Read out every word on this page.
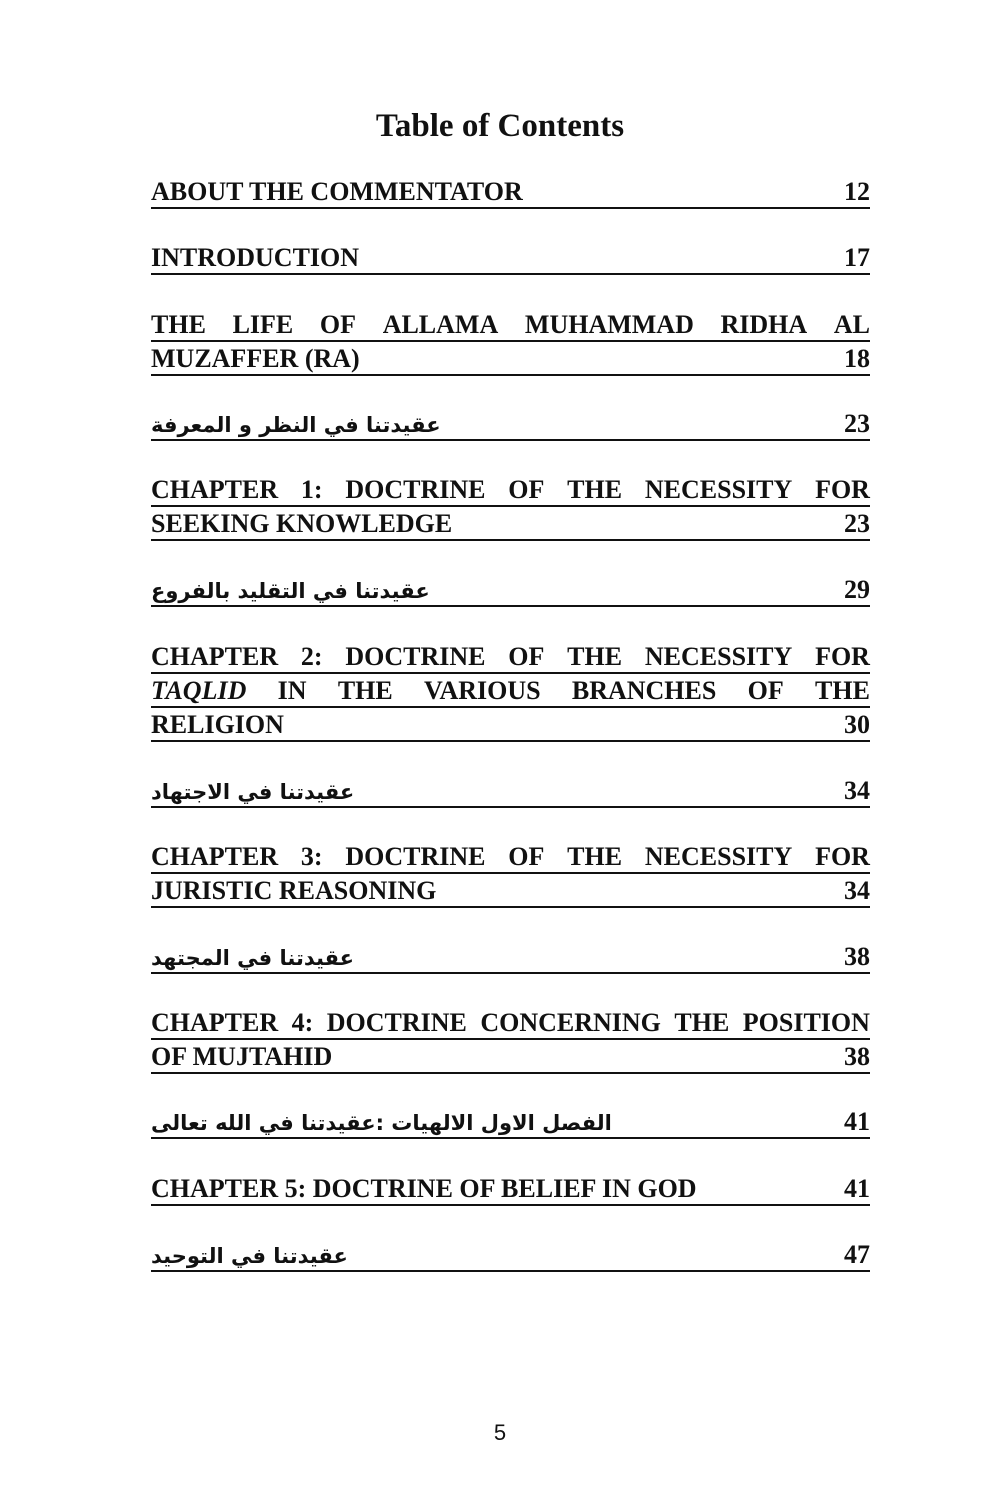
Table of Contents
ABOUT THE COMMENTATOR	12
INTRODUCTION	17
THE LIFE OF ALLAMA MUHAMMAD RIDHA AL
MUZAFFER (RA)	18
عقيدتنا في النظر و المعرفة	23
CHAPTER 1: DOCTRINE OF THE NECESSITY FOR
SEEKING KNOWLEDGE	23
عقيدتنا في التقليد بالفروع	29
CHAPTER 2: DOCTRINE OF THE NECESSITY FOR
TAQLID IN THE VARIOUS BRANCHES OF THE
RELIGION	30
عقيدتنا في الاجتهاد	34
CHAPTER 3: DOCTRINE OF THE NECESSITY FOR
JURISTIC REASONING	34
عقيدتنا في المجتهد	38
CHAPTER 4: DOCTRINE CONCERNING THE POSITION
OF MUJTAHID	38
الفصل الاول الالهيات :عقيدتنا في الله تعالى	41
CHAPTER 5: DOCTRINE OF BELIEF IN GOD	41
عقيدتنا في التوحيد	47
5
